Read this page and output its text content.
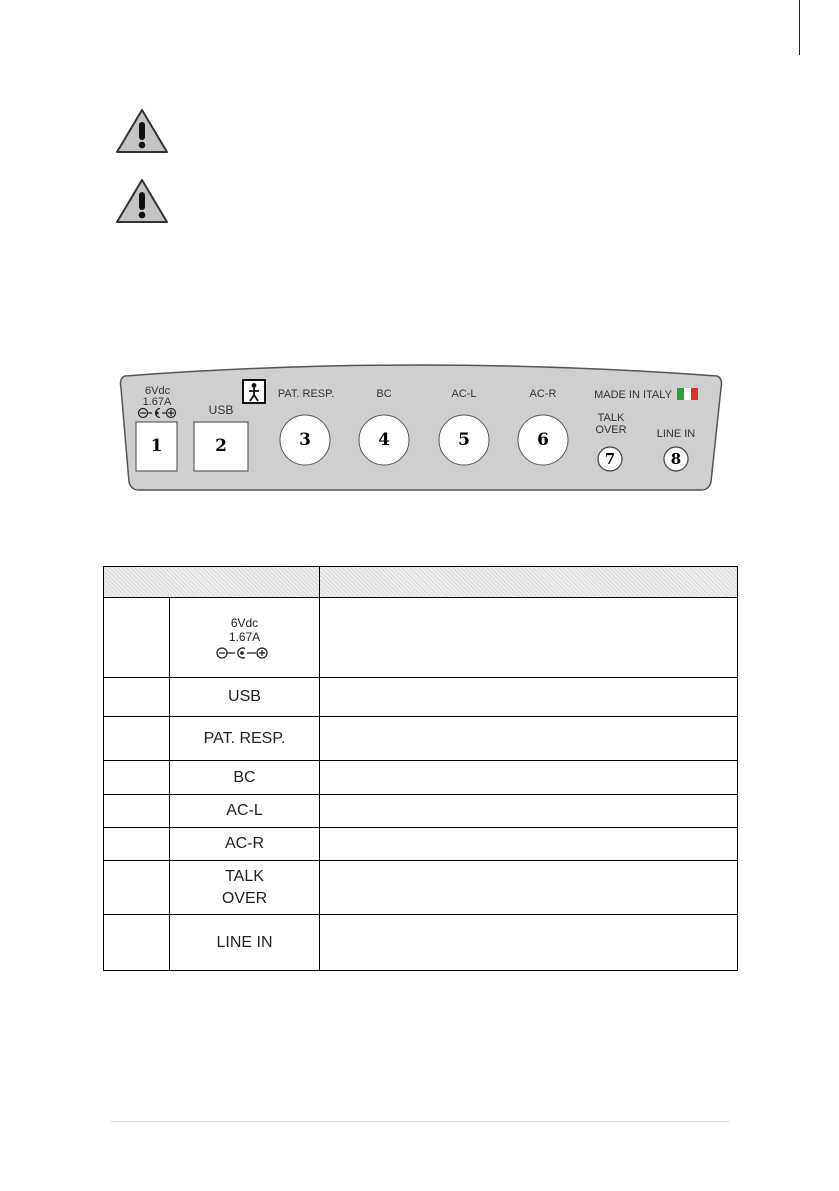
6Vdc
1.67A
USB
PAT. RESP.	BC	AC-L	AC-R	MADE IN ITALY
TALK
OVER	LINE IN
1	2	3	4	5	6
7	8

	6Vdc
1.67A	

	USB	

	PAT. RESP.	

	BC	

	AC-L	

	AC-R	

	TALK
OVER	

	LINE IN	
